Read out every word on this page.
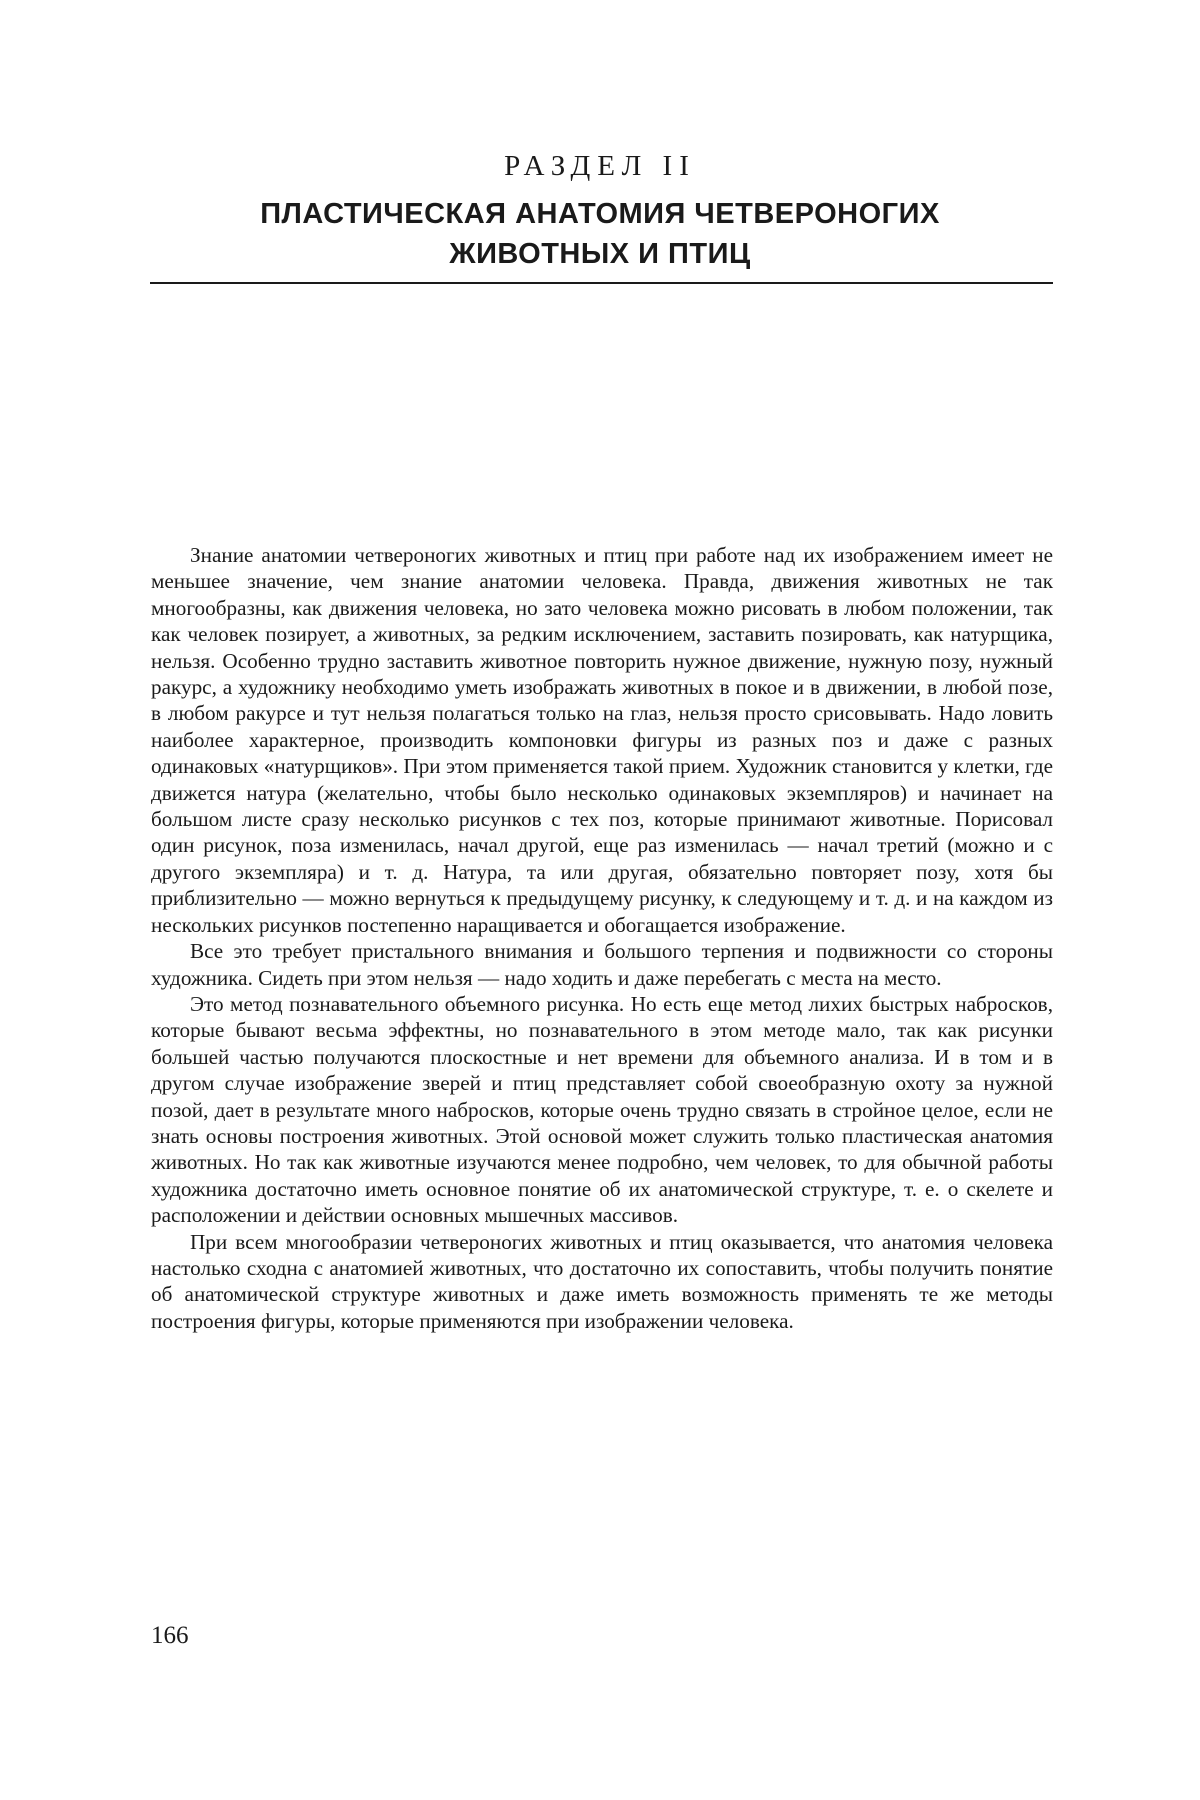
РАЗДЕЛ II
ПЛАСТИЧЕСКАЯ АНАТОМИЯ ЧЕТВЕРОНОГИХ
ЖИВОТНЫХ И ПТИЦ

Знание анатомии четвероногих животных и птиц при работе над их изображением имеет не меньшее значение, чем знание анатомии человека. Правда, движения животных не так многообразны, как движения человека, но зато человека можно рисовать в любом положении, так как человек позирует, а животных, за редким исключением, заставить позировать, как натурщика, нельзя. Особенно трудно заставить животное повторить нужное движение, нужную позу, нужный ракурс, а художнику необходимо уметь изображать животных в покое и в движении, в любой позе, в любом ракурсе и тут нельзя полагаться только на глаз, нельзя просто срисовывать. Надо ловить наиболее характерное, производить компоновки фигуры из разных поз и даже с разных одинаковых «натурщиков». При этом применяется такой прием. Художник становится у клетки, где движется натура (желательно, чтобы было несколько одинаковых экземпляров) и начинает на большом листе сразу несколько рисунков с тех поз, которые принимают животные. Порисовал один рисунок, поза изменилась, начал другой, еще раз изменилась — начал третий (можно и с другого экземпляра) и т. д. Натура, та или другая, обязательно повторяет позу, хотя бы приблизительно — можно вернуться к предыдущему рисунку, к следующему и т. д. и на каждом из нескольких рисунков постепенно наращивается и обогащается изображение.

Все это требует пристального внимания и большого терпения и подвижности со стороны художника. Сидеть при этом нельзя — надо ходить и даже перебегать с места на место.

Это метод познавательного объемного рисунка. Но есть еще метод лихих быстрых набросков, которые бывают весьма эффектны, но познавательного в этом методе мало, так как рисунки большей частью получаются плоскостные и нет времени для объемного анализа. И в том и в другом случае изображение зверей и птиц представляет собой своеобразную охоту за нужной позой, дает в результате много набросков, которые очень трудно связать в стройное целое, если не знать основы построения животных. Этой основой может служить только пластическая анатомия животных. Но так как животные изучаются менее подробно, чем человек, то для обычной работы художника достаточно иметь основное понятие об их анатомической структуре, т. е. о скелете и расположении и действии основных мышечных массивов.

При всем многообразии четвероногих животных и птиц оказывается, что анатомия человека настолько сходна с анатомией животных, что достаточно их сопоставить, чтобы получить понятие об анатомической структуре животных и даже иметь возможность применять те же методы построения фигуры, которые применяются при изображении человека.

166
